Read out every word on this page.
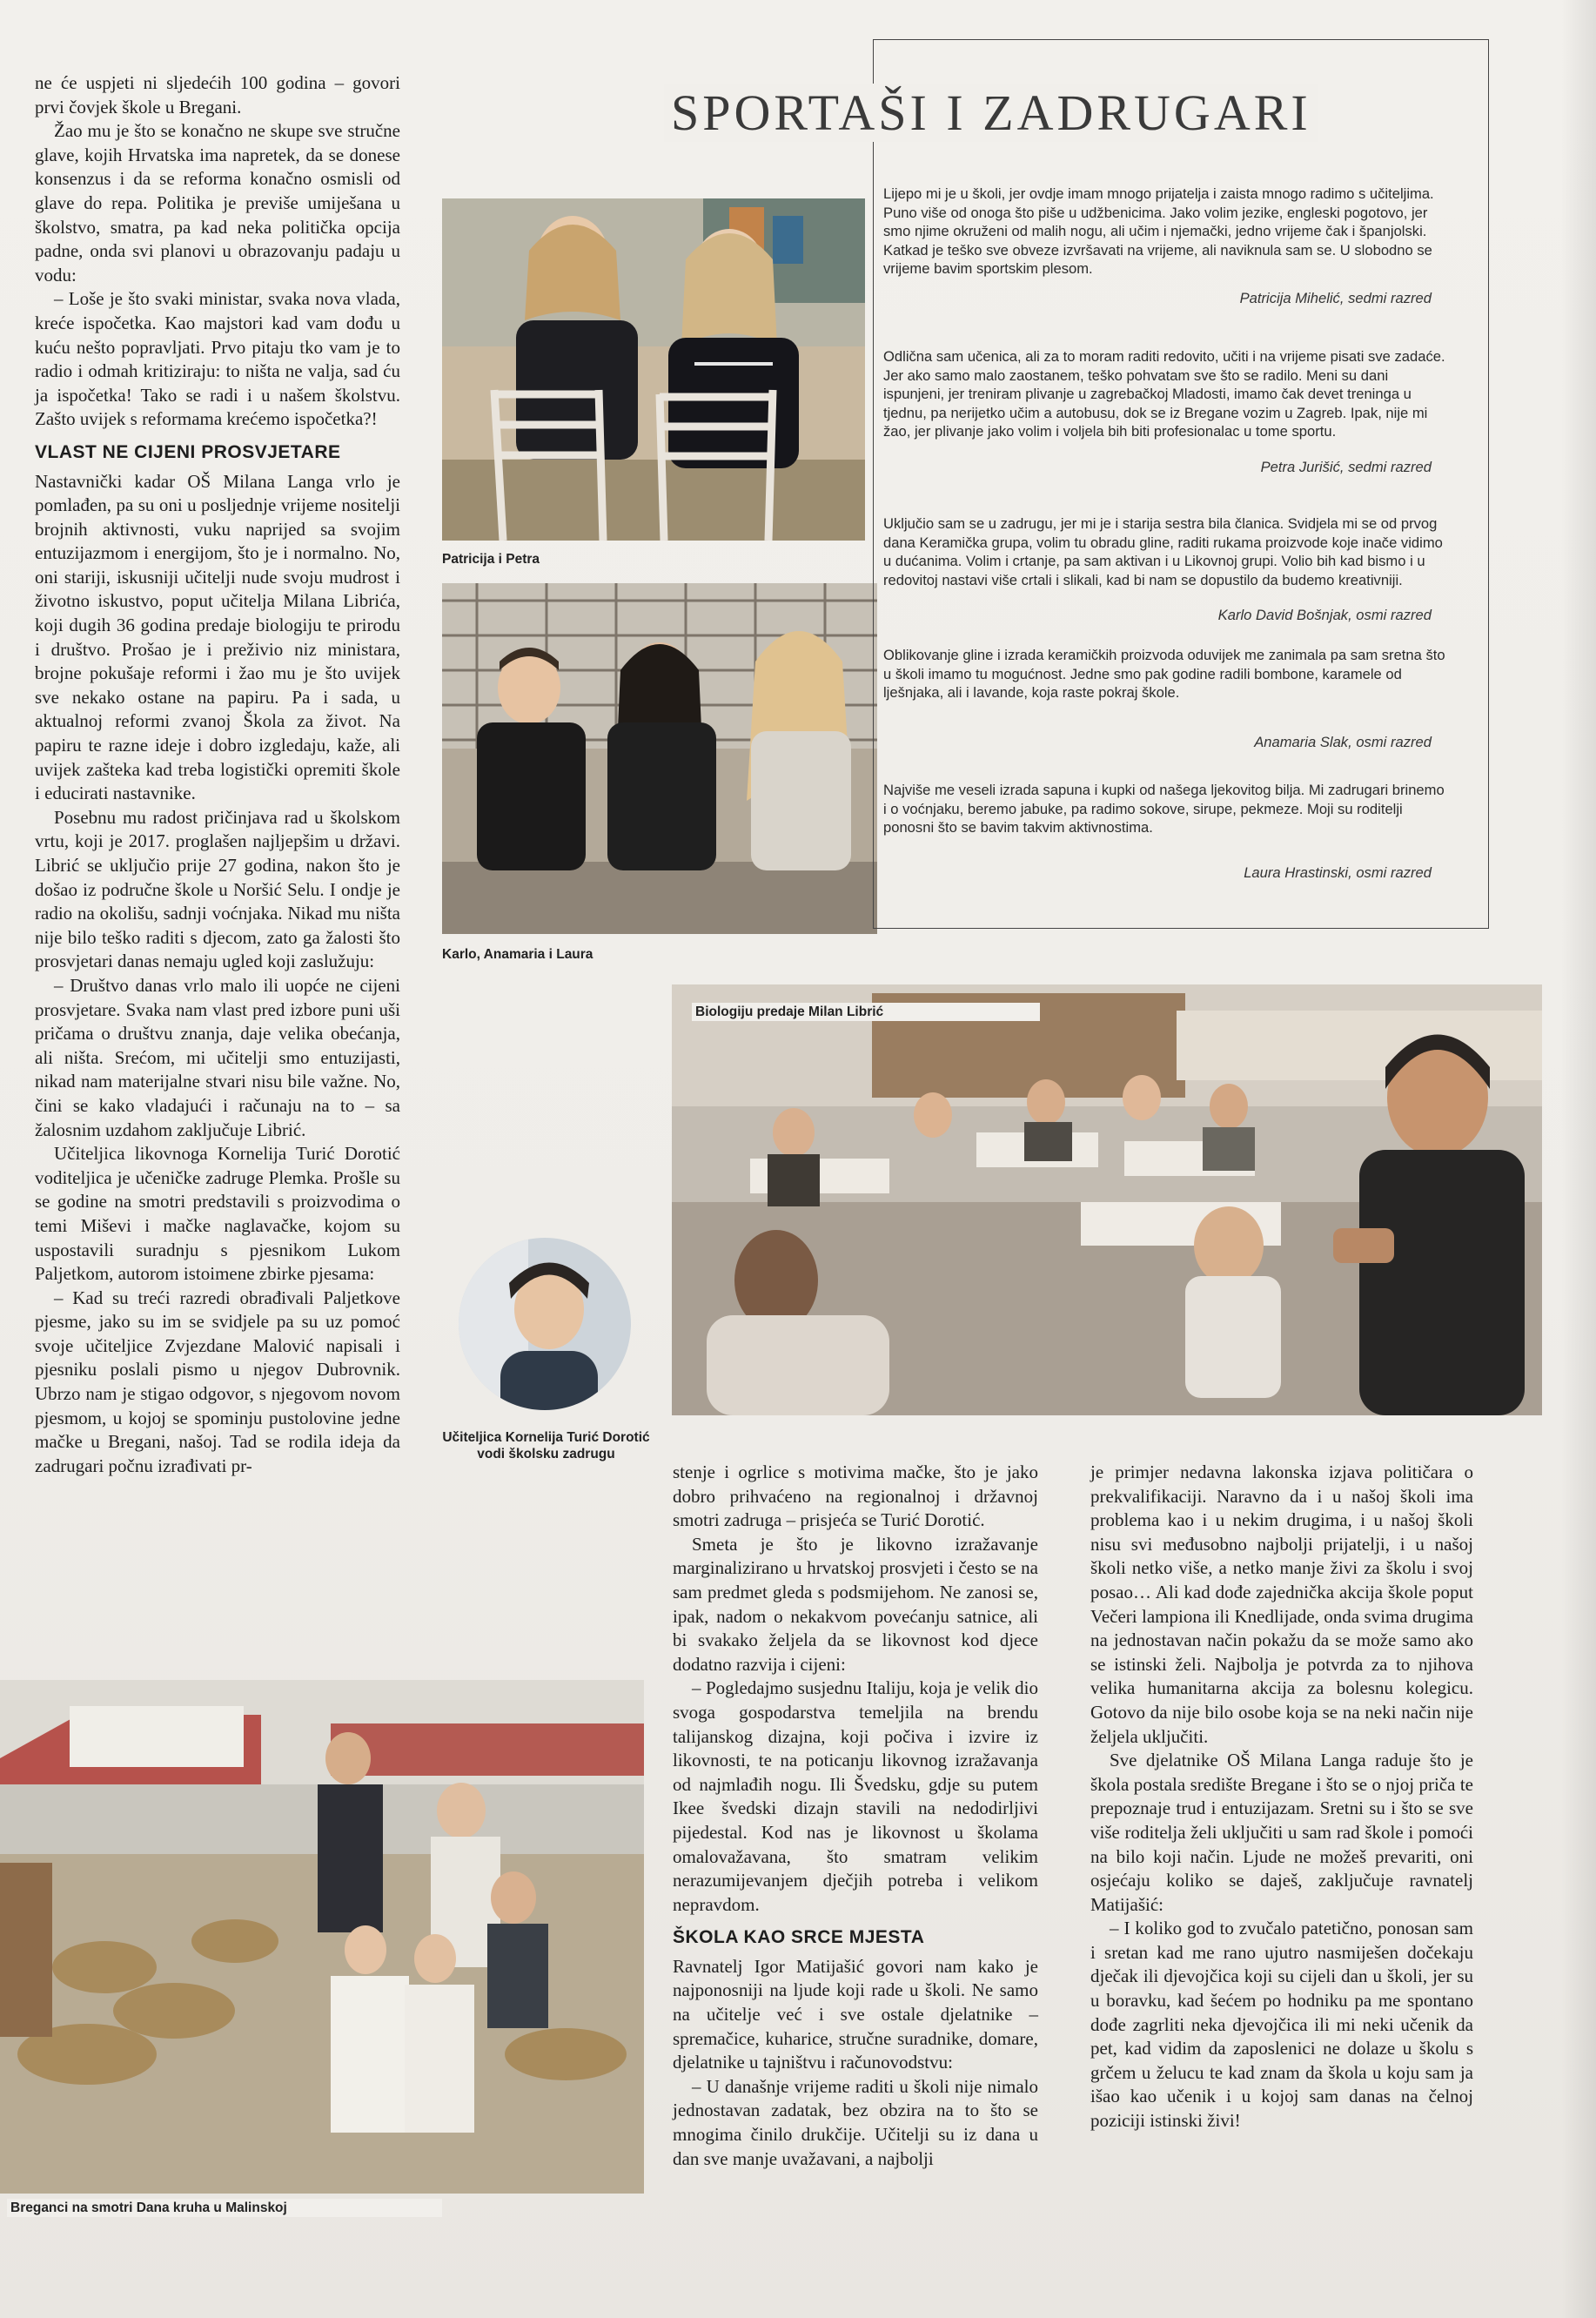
ne će uspjeti ni sljedećih 100 godina – govori prvi čovjek škole u Bregani.

Žao mu je što se konačno ne skupe sve stručne glave, kojih Hrvatska ima napretek, da se donese konsenzus i da se reforma konačno osmisli od glave do repa. Politika je previše umiješana u školstvo, smatra, pa kad neka politička opcija padne, onda svi planovi u obrazovanju padaju u vodu:

– Loše je što svaki ministar, svaka nova vlada, kreće ispočetka. Kao majstori kad vam dođu u kuću nešto popravljati. Prvo pitaju tko vam je to radio i odmah kritiziraju: to ništa ne valja, sad ću ja ispočetka! Tako se radi i u našem školstvu. Zašto uvijek s reformama krećemo ispočetka?!

VLAST NE CIJENI PROSVJETARE

Nastavnički kadar OŠ Milana Langa vrlo je pomlađen, pa su oni u posljednje vrijeme nositelji brojnih aktivnosti, vuku naprijed sa svojim entuzijazmom i energijom, što je i normalno. No, oni stariji, iskusniji učitelji nude svoju mudrost i životno iskustvo, poput učitelja Milana Librića, koji dugih 36 godina predaje biologiju te prirodu i društvo. Prošao je i preživio niz ministara, brojne pokušaje reformi i žao mu je što uvijek sve nekako ostane na papiru. Pa i sada, u aktualnoj reformi zvanoj Škola za život. Na papiru te razne ideje i dobro izgledaju, kaže, ali uvijek zašteka kad treba logistički opremiti škole i educirati nastavnike.

Posebnu mu radost pričinjava rad u školskom vrtu, koji je 2017. proglašen najljepšim u državi. Librić se uključio prije 27 godina, nakon što je došao iz područne škole u Noršić Selu. I ondje je radio na okolišu, sadnji voćnjaka. Nikad mu ništa nije bilo teško raditi s djecom, zato ga žalosti što prosvjetari danas nemaju ugled koji zaslužuju:

– Društvo danas vrlo malo ili uopće ne cijeni prosvjetare. Svaka nam vlast pred izbore puni uši pričama o društvu znanja, daje velika obećanja, ali ništa. Srećom, mi učitelji smo entuzijasti, nikad nam materijalne stvari nisu bile važne. No, čini se kako vladajući i računaju na to – sa žalosnim uzdahom zaključuje Librić.

Učiteljica likovnoga Kornelija Turić Dorotić voditeljica je učeničke zadruge Plemka. Prošle su se godine na smotri predstavili s proizvodima o temi Miševi i mačke naglavačke, kojom su uspostavili suradnju s pjesnikom Lukom Paljetkom, autorom istoimene zbirke pjesama:

– Kad su treći razredi obrađivali Paljetkove pjesme, jako su im se svidjele pa su uz pomoć svoje učiteljice Zvjezdane Malović napisali i pjesniku poslali pismo u njegov Dubrovnik. Ubrzo nam je stigao odgovor, s njegovom novom pjesmom, u kojoj se spominju pustolovine jedne mačke u Bregani, našoj. Tad se rodila ideja da zadrugari počnu izrađivati pr-

Patricija i Petra
Karlo, Anamaria i Laura
SPORTAŠI I ZADRUGARI
Lijepo mi je u školi, jer ovdje imam mnogo prijatelja i zaista mnogo radimo s učiteljima. Puno više od onoga što piše u udžbenicima. Jako volim jezike, engleski pogotovo, jer smo njime okruženi od malih nogu, ali učim i njemački, jedno vrijeme čak i španjolski. Katkad je teško sve obveze izvršavati na vrijeme, ali naviknula sam se. U slobodno se vrijeme bavim sportskim plesom.
Patricija Mihelić, sedmi razred
Odlična sam učenica, ali za to moram raditi redovito, učiti i na vrijeme pisati sve zadaće. Jer ako samo malo zaostanem, teško pohvatam sve što se radilo. Meni su dani ispunjeni, jer treniram plivanje u zagrebačkoj Mladosti, imamo čak devet treninga u tjednu, pa nerijetko učim a autobusu, dok se iz Bregane vozim u Zagreb. Ipak, nije mi žao, jer plivanje jako volim i voljela bih biti profesionalac u tome sportu.
Petra Jurišić, sedmi razred
Uključio sam se u zadrugu, jer mi je i starija sestra bila članica. Svidjela mi se od prvog dana Keramička grupa, volim tu obradu gline, raditi rukama proizvode koje inače vidimo u dućanima. Volim i crtanje, pa sam aktivan i u Likovnoj grupi. Volio bih kad bismo i u redovitoj nastavi više crtali i slikali, kad bi nam se dopustilo da budemo kreativniji.
Karlo David Bošnjak, osmi razred
Oblikovanje gline i izrada keramičkih proizvoda oduvijek me zanimala pa sam sretna što u školi imamo tu mogućnost. Jedne smo pak godine radili bombone, karamele od lješnjaka, ali i lavande, koja raste pokraj škole.
Anamaria Slak, osmi razred
Najviše me veseli izrada sapuna i kupki od našega ljekovitog bilja. Mi zadrugari brinemo i o voćnjaku, beremo jabuke, pa radimo sokove, sirupe, pekmeze. Moji su roditelji ponosni što se bavim takvim aktivnostima.
Laura Hrastinski, osmi razred
Biologiju predaje Milan Librić
Učiteljica Kornelija Turić Dorotić vodi školsku zadrugu
Breganci na smotri Dana kruha u Malinskoj

stenje i ogrlice s motivima mačke, što je jako dobro prihvaćeno na regionalnoj i državnoj smotri zadruga – prisjeća se Turić Dorotić.

Smeta je što je likovno izražavanje marginalizirano u hrvatskoj prosvjeti i često se na sam predmet gleda s podsmijehom. Ne zanosi se, ipak, nadom o nekakvom povećanju satnice, ali bi svakako željela da se likovnost kod djece dodatno razvija i cijeni:

– Pogledajmo susjednu Italiju, koja je velik dio svoga gospodarstva temeljila na brendu talijanskog dizajna, koji počiva i izvire iz likovnosti, te na poticanju likovnog izražavanja od najmlađih nogu. Ili Švedsku, gdje su putem Ikee švedski dizajn stavili na nedodirljivi pijedestal. Kod nas je likovnost u školama omalovažavana, što smatram velikim nerazumijevanjem dječjih potreba i velikom nepravdom.

ŠKOLA KAO SRCE MJESTA

Ravnatelj Igor Matijašić govori nam kako je najponosniji na ljude koji rade u školi. Ne samo na učitelje već i sve ostale djelatnike – spremačice, kuharice, stručne suradnike, domare, djelatnike u tajništvu i računovodstvu:

– U današnje vrijeme raditi u školi nije nimalo jednostavan zadatak, bez obzira na to što se mnogima činilo drukčije. Učitelji su iz dana u dan sve manje uvažavani, a najbolji

je primjer nedavna lakonska izjava političara o prekvalifikaciji. Naravno da i u našoj školi ima problema kao i u nekim drugima, i u našoj školi nisu svi međusobno najbolji prijatelji, i u našoj školi netko više, a netko manje živi za školu i svoj posao… Ali kad dođe zajednička akcija škole poput Večeri lampiona ili Knedlijade, onda svima drugima na jednostavan način pokažu da se može samo ako se istinski želi. Najbolja je potvrda za to njihova velika humanitarna akcija za bolesnu kolegicu. Gotovo da nije bilo osobe koja se na neki način nije željela uključiti.

Sve djelatnike OŠ Milana Langa raduje što je škola postala središte Bregane i što se o njoj priča te prepoznaje trud i entuzijazam. Sretni su i što se sve više roditelja želi uključiti u sam rad škole i pomoći na bilo koji način. Ljude ne možeš prevariti, oni osjećaju koliko se daješ, zaključuje ravnatelj Matijašić:

– I koliko god to zvučalo patetično, ponosan sam i sretan kad me rano ujutro nasmiješen dočekaju dječak ili djevojčica koji su cijeli dan u školi, jer su u boravku, kad šećem po hodniku pa me spontano dođe zagrliti neka djevojčica ili mi neki učenik da pet, kad vidim da zaposlenici ne dolaze u školu s grčem u želucu te kad znam da škola u koju sam ja išao kao učenik i u kojoj sam danas na čelnoj poziciji istinski živi!
